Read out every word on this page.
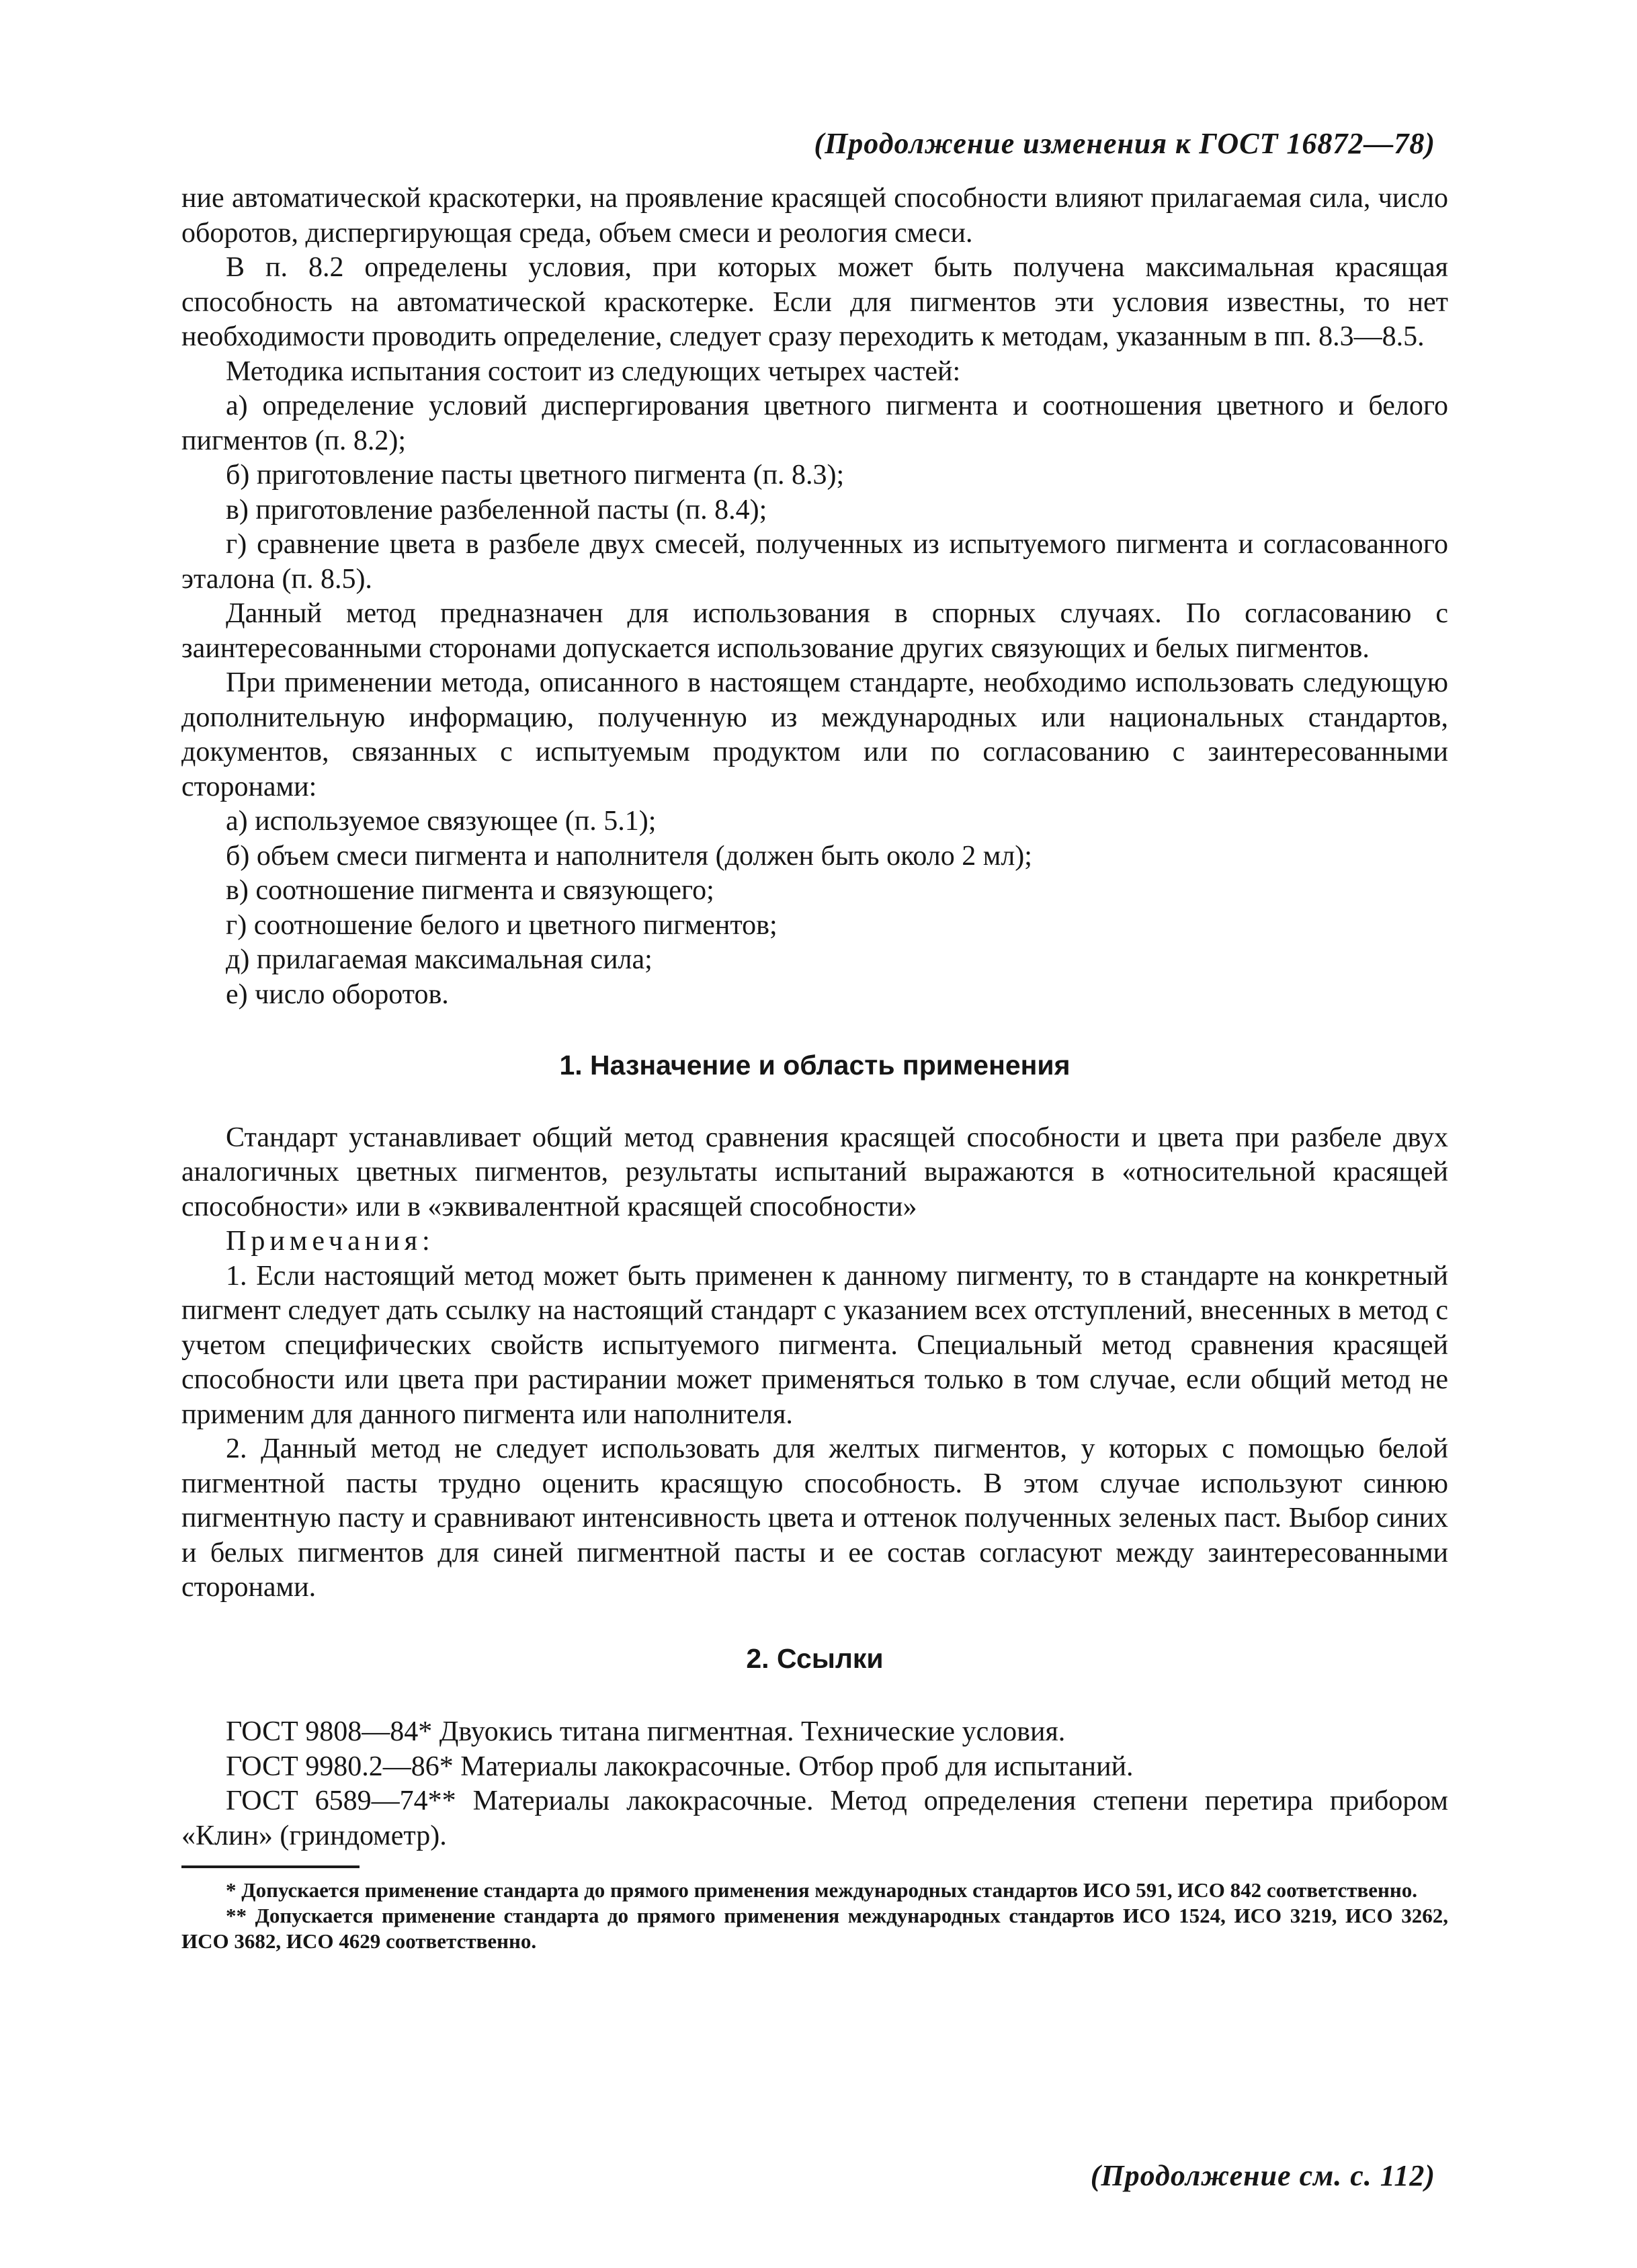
(Продолжение изменения к ГОСТ 16872—78)

ние автоматической краскотерки, на проявление красящей способности влияют прилагаемая сила, число оборотов, диспергирующая среда, объем смеси и реология смеси.

В п. 8.2 определены условия, при которых может быть получена максимальная красящая способность на автоматической краскотерке. Если для пигментов эти условия известны, то нет необходимости проводить определение, следует сразу переходить к методам, указанным в пп. 8.3—8.5.

Методика испытания состоит из следующих четырех частей:

а) определение условий диспергирования цветного пигмента и соотношения цветного и белого пигментов (п. 8.2);

б) приготовление пасты цветного пигмента (п. 8.3);

в) приготовление разбеленной пасты (п. 8.4);

г) сравнение цвета в разбеле двух смесей, полученных из испытуемого пигмента и согласованного эталона (п. 8.5).

Данный метод предназначен для использования в спорных случаях. По согласованию с заинтересованными сторонами допускается использование других связующих и белых пигментов.

При применении метода, описанного в настоящем стандарте, необходимо использовать следующую дополнительную информацию, полученную из международных или национальных стандартов, документов, связанных с испытуемым продуктом или по согласованию с заинтересованными сторонами:

а) используемое связующее (п. 5.1);

б) объем смеси пигмента и наполнителя (должен быть около 2 мл);

в) соотношение пигмента и связующего;

г) соотношение белого и цветного пигментов;

д) прилагаемая максимальная сила;

е) число оборотов.

1. Назначение и область применения

Стандарт устанавливает общий метод сравнения красящей способности и цвета при разбеле двух аналогичных цветных пигментов, результаты испытаний выражаются в «относительной красящей способности» или в «эквивалентной красящей способности»

Примечания:

1. Если настоящий метод может быть применен к данному пигменту, то в стандарте на конкретный пигмент следует дать ссылку на настоящий стандарт с указанием всех отступлений, внесенных в метод с учетом специфических свойств испытуемого пигмента. Специальный метод сравнения красящей способности или цвета при растирании может применяться только в том случае, если общий метод не применим для данного пигмента или наполнителя.

2. Данный метод не следует использовать для желтых пигментов, у которых с помощью белой пигментной пасты трудно оценить красящую способность. В этом случае используют синюю пигментную пасту и сравнивают интенсивность цвета и оттенок полученных зеленых паст. Выбор синих и белых пигментов для синей пигментной пасты и ее состав согласуют между заинтересованными сторонами.

2. Ссылки

ГОСТ 9808—84* Двуокись титана пигментная. Технические условия.

ГОСТ 9980.2—86* Материалы лакокрасочные. Отбор проб для испытаний.

ГОСТ 6589—74** Материалы лакокрасочные. Метод определения степени перетира прибором «Клин» (гриндометр).

* Допускается применение стандарта до прямого применения международных стандартов ИСО 591, ИСО 842 соответственно.

** Допускается применение стандарта до прямого применения международных стандартов ИСО 1524, ИСО 3219, ИСО 3262, ИСО 3682, ИСО 4629 соответственно.

(Продолжение см. с. 112)
